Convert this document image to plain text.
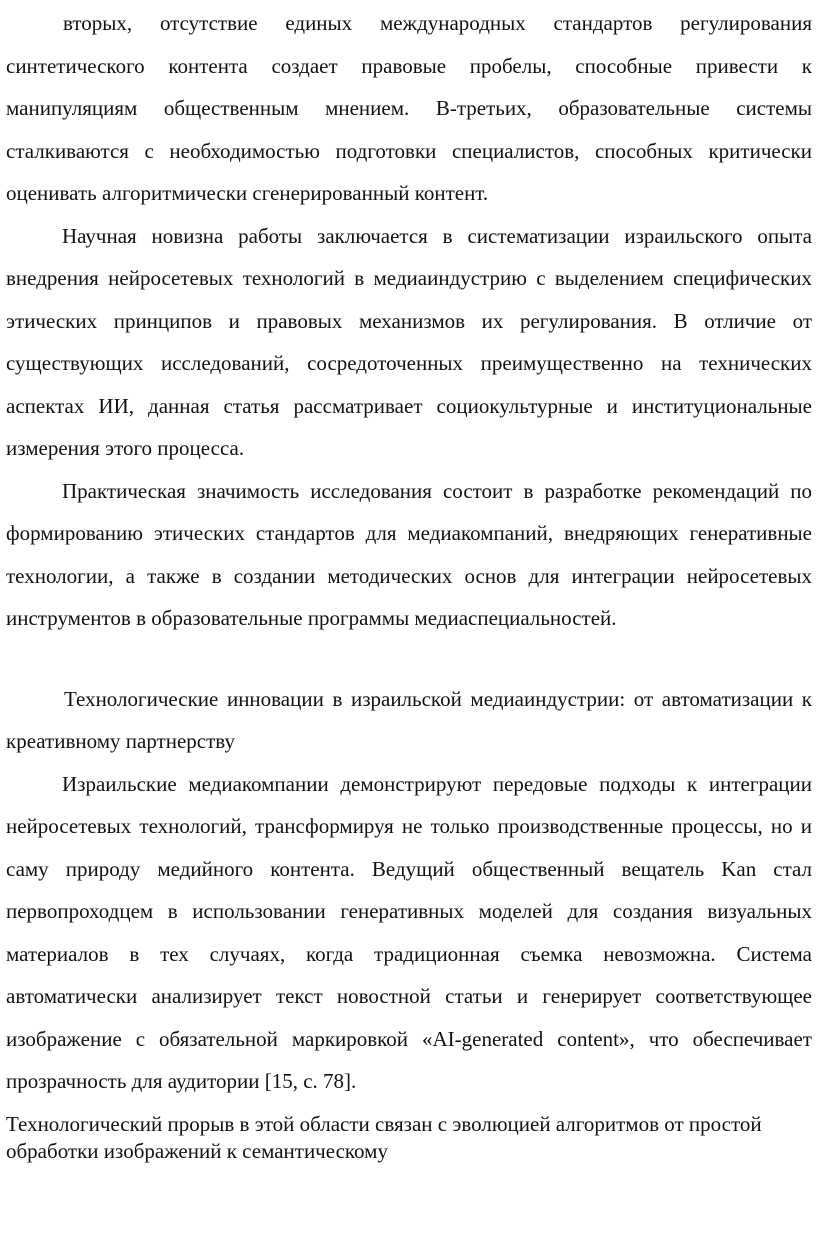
вторых, отсутствие единых международных стандартов регулирования синтетического контента создает правовые пробелы, способные привести к манипуляциям общественным мнением. В-третьих, образовательные системы сталкиваются с необходимостью подготовки специалистов, способных критически оценивать алгоритмически сгенерированный контент.

Научная новизна работы заключается в систематизации израильского опыта внедрения нейросетевых технологий в медиаиндустрию с выделением специфических этических принципов и правовых механизмов их регулирования. В отличие от существующих исследований, сосредоточенных преимущественно на технических аспектах ИИ, данная статья рассматривает социокультурные и институциональные измерения этого процесса.

Практическая значимость исследования состоит в разработке рекомендаций по формированию этических стандартов для медиакомпаний, внедряющих генеративные технологии, а также в создании методических основ для интеграции нейросетевых инструментов в образовательные программы медиаспециальностей.

Технологические инновации в израильской медиаиндустрии: от автоматизации к креативному партнерству

Израильские медиакомпании демонстрируют передовые подходы к интеграции нейросетевых технологий, трансформируя не только производственные процессы, но и саму природу медийного контента. Ведущий общественный вещатель Kan стал первопроходцем в использовании генеративных моделей для создания визуальных материалов в тех случаях, когда традиционная съемка невозможна. Система автоматически анализирует текст новостной статьи и генерирует соответствующее изображение с обязательной маркировкой «AI-generated content», что обеспечивает прозрачность для аудитории [15, с. 78].

Технологический прорыв в этой области связан с эволюцией алгоритмов от простой обработки изображений к семантическому
